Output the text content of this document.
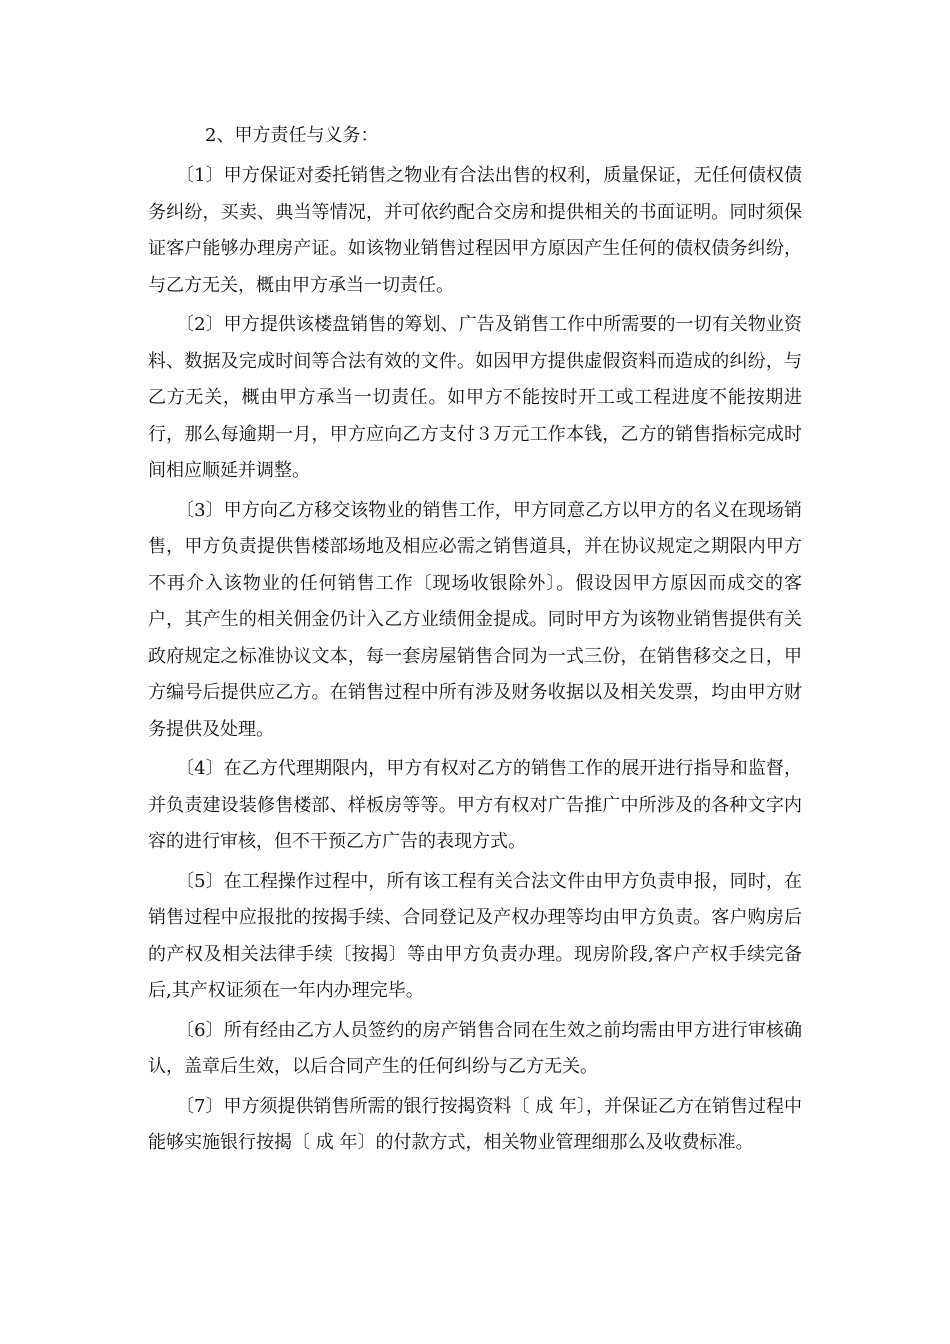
2、甲方责任与义务：

〔1〕甲方保证对委托销售之物业有合法出售的权利，质量保证，无任何债权债务纠纷，买卖、典当等情况，并可依约配合交房和提供相关的书面证明。同时须保证客户能够办理房产证。如该物业销售过程因甲方原因产生任何的债权债务纠纷，与乙方无关，概由甲方承当一切责任。

〔2〕甲方提供该楼盘销售的筹划、广告及销售工作中所需要的一切有关物业资料、数据及完成时间等合法有效的文件。如因甲方提供虚假资料而造成的纠纷，与乙方无关，概由甲方承当一切责任。如甲方不能按时开工或工程进度不能按期进行，那么每逾期一月，甲方应向乙方支付３万元工作本钱，乙方的销售指标完成时间相应顺延并调整。

〔3〕甲方向乙方移交该物业的销售工作，甲方同意乙方以甲方的名义在现场销售，甲方负责提供售楼部场地及相应必需之销售道具，并在协议规定之期限内甲方不再介入该物业的任何销售工作〔现场收银除外〕。假设因甲方原因而成交的客户，其产生的相关佣金仍计入乙方业绩佣金提成。同时甲方为该物业销售提供有关政府规定之标准协议文本，每一套房屋销售合同为一式三份，在销售移交之日，甲方编号后提供应乙方。在销售过程中所有涉及财务收据以及相关发票，均由甲方财务提供及处理。

〔4〕在乙方代理期限内，甲方有权对乙方的销售工作的展开进行指导和监督，并负责建设装修售楼部、样板房等等。甲方有权对广告推广中所涉及的各种文字内容的进行审核，但不干预乙方广告的表现方式。

〔5〕在工程操作过程中，所有该工程有关合法文件由甲方负责申报，同时，在销售过程中应报批的按揭手续、合同登记及产权办理等均由甲方负责。客户购房后的产权及相关法律手续〔按揭〕等由甲方负责办理。现房阶段,客户产权手续完备后,其产权证须在一年内办理完毕。

〔6〕所有经由乙方人员签约的房产销售合同在生效之前均需由甲方进行审核确认，盖章后生效，以后合同产生的任何纠纷与乙方无关。

〔7〕甲方须提供销售所需的银行按揭资料〔 成 年〕，并保证乙方在销售过程中能够实施银行按揭〔 成 年〕的付款方式，相关物业管理细那么及收费标准。
